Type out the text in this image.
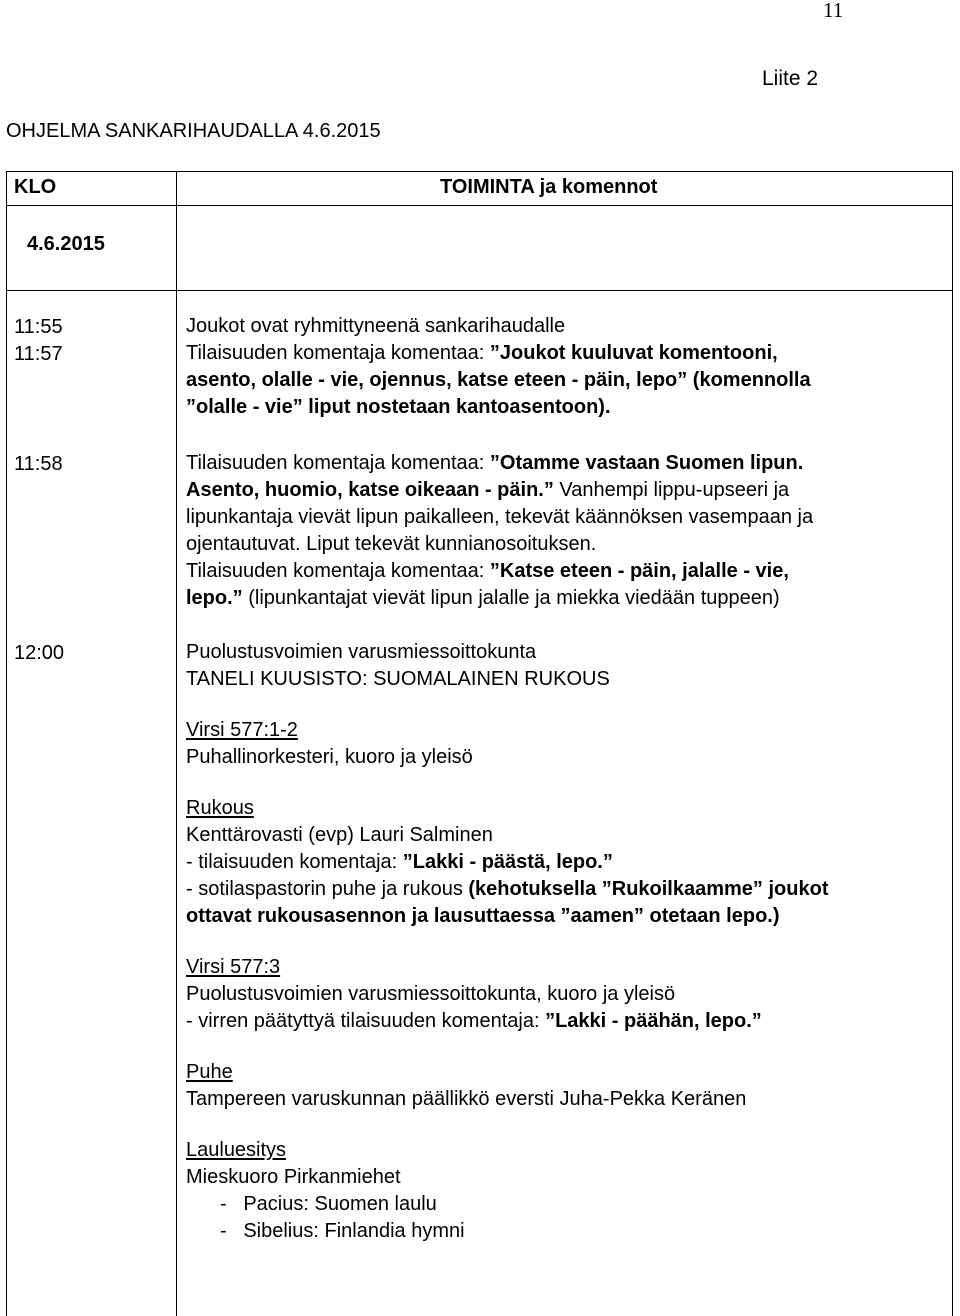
11
Liite 2
OHJELMA SANKARIHAUDALLA 4.6.2015
KLO	TOIMINTA ja komennot
4.6.2015
11:55
11:57
11:58
12:00

Joukot ovat ryhmittyneenä sankarihaudalle

Tilaisuuden komentaja komentaa: ”Joukot kuuluvat komentooni,

asento, olalle - vie, ojennus, katse eteen - päin, lepo” (komennolla

”olalle - vie” liput nostetaan kantoasentoon).

Tilaisuuden komentaja komentaa: ”Otamme vastaan Suomen lipun.

Asento, huomio, katse oikeaan - päin.” Vanhempi lippu-upseeri ja

lipunkantaja vievät lipun paikalleen, tekevät käännöksen vasempaan ja

ojentautuvat. Liput tekevät kunnianosoituksen.

Tilaisuuden komentaja komentaa: ”Katse eteen - päin, jalalle - vie,

lepo.” (lipunkantajat vievät lipun jalalle ja miekka viedään tuppeen)

Puolustusvoimien varusmiessoittokunta

TANELI KUUSISTO: SUOMALAINEN RUKOUS

Virsi 577:1-2

Puhallinorkesteri, kuoro ja yleisö

Rukous

Kenttärovasti (evp) Lauri Salminen

- tilaisuuden komentaja: ”Lakki - päästä, lepo.”

- sotilaspastorin puhe ja rukous (kehotuksella ”Rukoilkaamme” joukot

ottavat rukousasennon ja lausuttaessa ”aamen” otetaan lepo.)

Virsi 577:3

Puolustusvoimien varusmiessoittokunta, kuoro ja yleisö

- virren päätyttyä tilaisuuden komentaja: ”Lakki - päähän, lepo.”

Puhe

Tampereen varuskunnan päällikkö eversti Juha-Pekka Keränen

Lauluesitys

Mieskuoro Pirkanmiehet

-   Pacius: Suomen laulu

-   Sibelius: Finlandia hymni
